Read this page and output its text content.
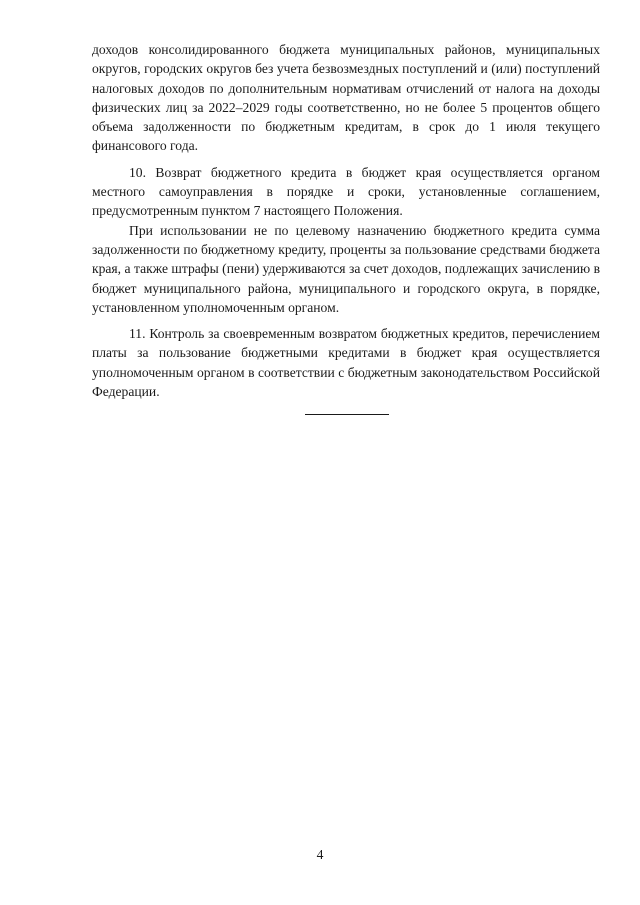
доходов консолидированного бюджета муниципальных районов, муниципальных округов, городских округов без учета безвозмездных поступлений и (или) поступлений налоговых доходов по дополнительным нормативам отчислений от налога на доходы физических лиц за 2022–2029 годы соответственно, но не более 5 процентов общего объема задолженности по бюджетным кредитам, в срок до 1 июля текущего финансового года.

10. Возврат бюджетного кредита в бюджет края осуществляется органом местного самоуправления в порядке и сроки, установленные соглашением, предусмотренным пунктом 7 настоящего Положения.

При использовании не по целевому назначению бюджетного кредита сумма задолженности по бюджетному кредиту, проценты за пользование средствами бюджета края, а также штрафы (пени) удерживаются за счет доходов, подлежащих зачислению в бюджет муниципального района, муниципального и городского округа, в порядке, установленном уполномоченным органом.

11. Контроль за своевременным возвратом бюджетных кредитов, перечислением платы за пользование бюджетными кредитами в бюджет края осуществляется уполномоченным органом в соответствии с бюджетным законодательством Российской Федерации.

4
